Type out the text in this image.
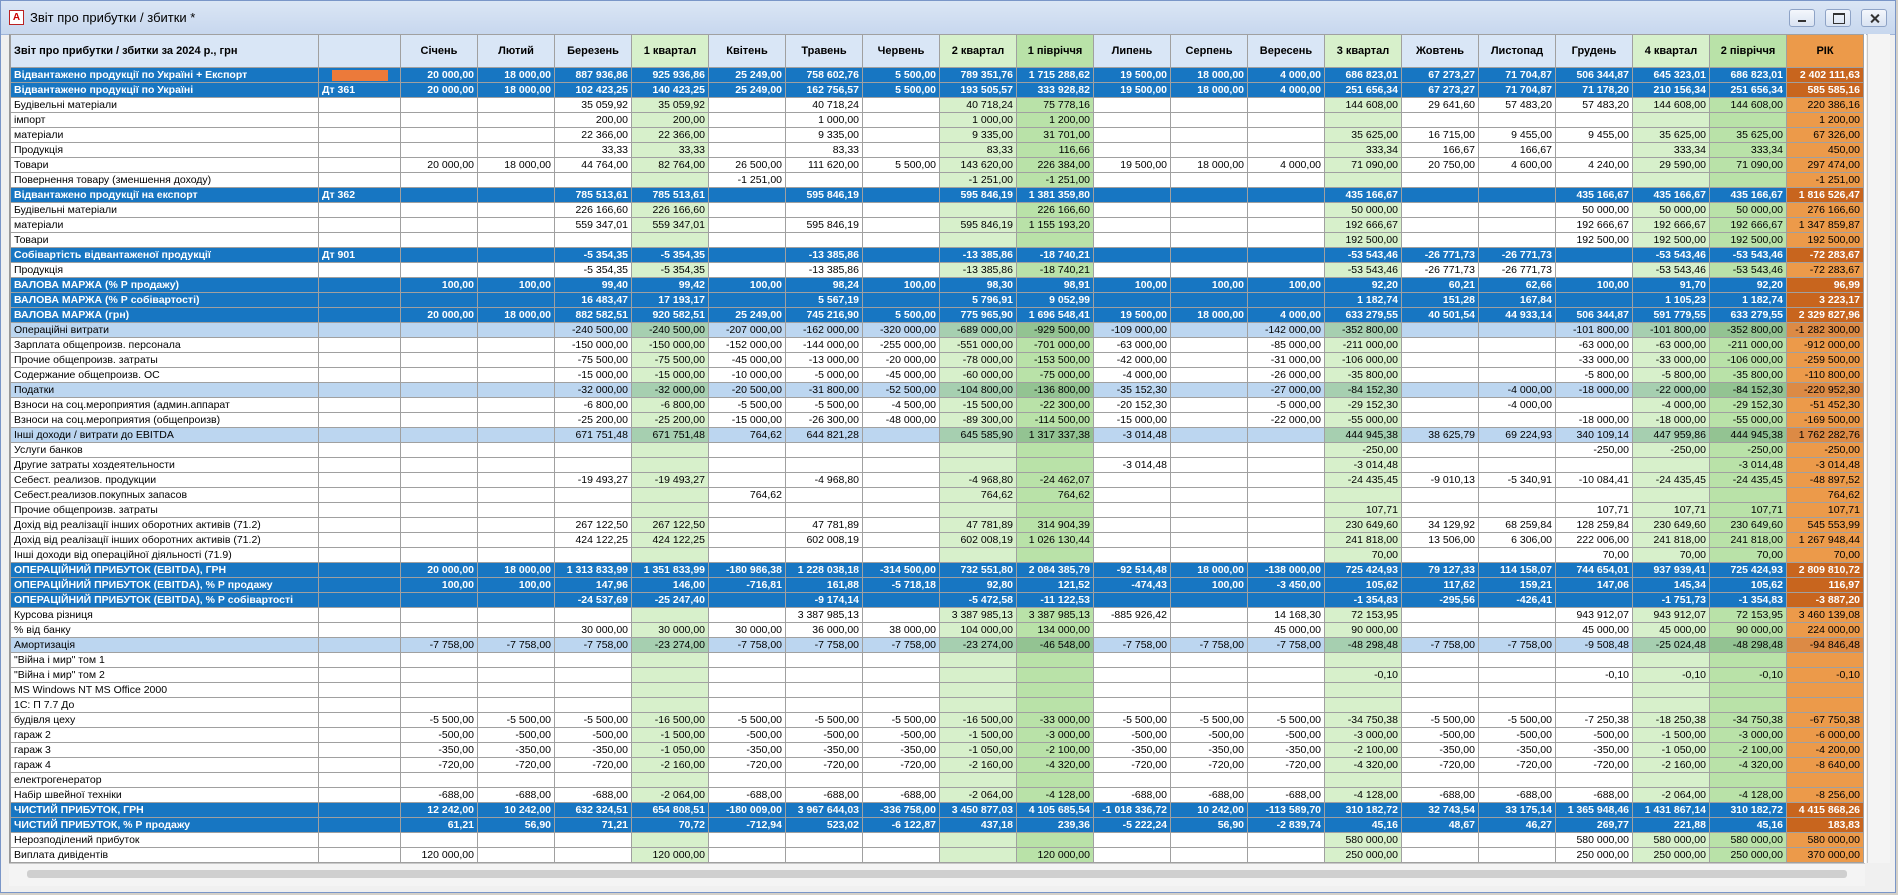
А Звіт про прибутки / збитки *
Звіт про прибутки / збитки за 2024 р., грн		Січень	Лютий	Березень	1 квартал	Квітень	Травень	Червень	2 квартал	1 півріччя	Липень	Серпень	Вересень	3 квартал	Жовтень	Листопад	Грудень	4 квартал	2 півріччя	РІК
Відвантажено продукції по Україні + Експорт		20 000,00	18 000,00	887 936,86	925 936,86	25 249,00	758 602,76	5 500,00	789 351,76	1 715 288,62	19 500,00	18 000,00	4 000,00	686 823,01	67 273,27	71 704,87	506 344,87	645 323,01	686 823,01	2 402 111,63
Відвантажено продукції по Україні	Дт 361	20 000,00	18 000,00	102 423,25	140 423,25	25 249,00	162 756,57	5 500,00	193 505,57	333 928,82	19 500,00	18 000,00	4 000,00	251 656,34	67 273,27	71 704,87	71 178,20	210 156,34	251 656,34	585 585,16
Будівельні матеріали				35 059,92	35 059,92		40 718,24		40 718,24	75 778,16				144 608,00	29 641,60	57 483,20	57 483,20	144 608,00	144 608,00	220 386,16
імпорт				200,00	200,00		1 000,00		1 000,00	1 200,00										1 200,00
матеріали				22 366,00	22 366,00		9 335,00		9 335,00	31 701,00				35 625,00	16 715,00	9 455,00	9 455,00	35 625,00	35 625,00	67 326,00
Продукція				33,33	33,33		83,33		83,33	116,66				333,34	166,67	166,67		333,34	333,34	450,00
Товари		20 000,00	18 000,00	44 764,00	82 764,00	26 500,00	111 620,00	5 500,00	143 620,00	226 384,00	19 500,00	18 000,00	4 000,00	71 090,00	20 750,00	4 600,00	4 240,00	29 590,00	71 090,00	297 474,00
Повернення товару (зменшення доходу)						-1 251,00			-1 251,00	-1 251,00										-1 251,00
Відвантажено продукції на експорт	Дт 362			785 513,61	785 513,61		595 846,19		595 846,19	1 381 359,80				435 166,67			435 166,67	435 166,67	435 166,67	1 816 526,47
Будівельні матеріали				226 166,60	226 166,60					226 166,60				50 000,00			50 000,00	50 000,00	50 000,00	276 166,60
матеріали				559 347,01	559 347,01		595 846,19		595 846,19	1 155 193,20				192 666,67			192 666,67	192 666,67	192 666,67	1 347 859,87
Товари														192 500,00			192 500,00	192 500,00	192 500,00	192 500,00
Собівартість відвантаженої продукції	Дт 901			-5 354,35	-5 354,35		-13 385,86		-13 385,86	-18 740,21				-53 543,46	-26 771,73	-26 771,73		-53 543,46	-53 543,46	-72 283,67
Продукція				-5 354,35	-5 354,35		-13 385,86		-13 385,86	-18 740,21				-53 543,46	-26 771,73	-26 771,73		-53 543,46	-53 543,46	-72 283,67
ВАЛОВА МАРЖА (% Р продажу)		100,00	100,00	99,40	99,42	100,00	98,24	100,00	98,30	98,91	100,00	100,00	100,00	92,20	60,21	62,66	100,00	91,70	92,20	96,99
ВАЛОВА МАРЖА (% Р собівартості)				16 483,47	17 193,17		5 567,19		5 796,91	9 052,99				1 182,74	151,28	167,84		1 105,23	1 182,74	3 223,17
ВАЛОВА МАРЖА (грн)		20 000,00	18 000,00	882 582,51	920 582,51	25 249,00	745 216,90	5 500,00	775 965,90	1 696 548,41	19 500,00	18 000,00	4 000,00	633 279,55	40 501,54	44 933,14	506 344,87	591 779,55	633 279,55	2 329 827,96
Операційні витрати				-240 500,00	-240 500,00	-207 000,00	-162 000,00	-320 000,00	-689 000,00	-929 500,00	-109 000,00		-142 000,00	-352 800,00			-101 800,00	-101 800,00	-352 800,00	-1 282 300,00
Зарплата общепроизв. персонала				-150 000,00	-150 000,00	-152 000,00	-144 000,00	-255 000,00	-551 000,00	-701 000,00	-63 000,00		-85 000,00	-211 000,00			-63 000,00	-63 000,00	-211 000,00	-912 000,00
Прочие общепроизв. затраты				-75 500,00	-75 500,00	-45 000,00	-13 000,00	-20 000,00	-78 000,00	-153 500,00	-42 000,00		-31 000,00	-106 000,00			-33 000,00	-33 000,00	-106 000,00	-259 500,00
Содержание общепроизв. ОС				-15 000,00	-15 000,00	-10 000,00	-5 000,00	-45 000,00	-60 000,00	-75 000,00	-4 000,00		-26 000,00	-35 800,00			-5 800,00	-5 800,00	-35 800,00	-110 800,00
Податки				-32 000,00	-32 000,00	-20 500,00	-31 800,00	-52 500,00	-104 800,00	-136 800,00	-35 152,30		-27 000,00	-84 152,30		-4 000,00	-18 000,00	-22 000,00	-84 152,30	-220 952,30
Взноси на соц.мероприятия (админ.аппарат				-6 800,00	-6 800,00	-5 500,00	-5 500,00	-4 500,00	-15 500,00	-22 300,00	-20 152,30		-5 000,00	-29 152,30		-4 000,00		-4 000,00	-29 152,30	-51 452,30
Взноси на соц.мероприятия (общепроизв)				-25 200,00	-25 200,00	-15 000,00	-26 300,00	-48 000,00	-89 300,00	-114 500,00	-15 000,00		-22 000,00	-55 000,00			-18 000,00	-18 000,00	-55 000,00	-169 500,00
Інші доходи / витрати до EBITDA				671 751,48	671 751,48	764,62	644 821,28		645 585,90	1 317 337,38	-3 014,48			444 945,38	38 625,79	69 224,93	340 109,14	447 959,86	444 945,38	1 762 282,76
Услуги банков														-250,00			-250,00	-250,00	-250,00	-250,00
Другие затраты хоздеятельности											-3 014,48			-3 014,48					-3 014,48	-3 014,48
Себест. реализов. продукции				-19 493,27	-19 493,27		-4 968,80		-4 968,80	-24 462,07				-24 435,45	-9 010,13	-5 340,91	-10 084,41	-24 435,45	-24 435,45	-48 897,52
Себест.реализов.покупных запасов						764,62			764,62	764,62										764,62
Прочие общепроизв. затраты														107,71			107,71	107,71	107,71	107,71
Дохід від реалізації інших оборотних активів (71.2)				267 122,50	267 122,50		47 781,89		47 781,89	314 904,39				230 649,60	34 129,92	68 259,84	128 259,84	230 649,60	230 649,60	545 553,99
Дохід від реалізації інших оборотних активів (71.2)				424 122,25	424 122,25		602 008,19		602 008,19	1 026 130,44				241 818,00	13 506,00	6 306,00	222 006,00	241 818,00	241 818,00	1 267 948,44
Інші доходи від операційної діяльності (71.9)														70,00			70,00	70,00	70,00	70,00
ОПЕРАЦІЙНИЙ ПРИБУТОК (EBITDA), ГРН		20 000,00	18 000,00	1 313 833,99	1 351 833,99	-180 986,38	1 228 038,18	-314 500,00	732 551,80	2 084 385,79	-92 514,48	18 000,00	-138 000,00	725 424,93	79 127,33	114 158,07	744 654,01	937 939,41	725 424,93	2 809 810,72
ОПЕРАЦІЙНИЙ ПРИБУТОК (EBITDA), % Р продажу		100,00	100,00	147,96	146,00	-716,81	161,88	-5 718,18	92,80	121,52	-474,43	100,00	-3 450,00	105,62	117,62	159,21	147,06	145,34	105,62	116,97
ОПЕРАЦІЙНИЙ ПРИБУТОК (EBITDA), % Р собівартості				-24 537,69	-25 247,40		-9 174,14		-5 472,58	-11 122,53				-1 354,83	-295,56	-426,41		-1 751,73	-1 354,83	-3 887,20
Курсова різниця							3 387 985,13		3 387 985,13	3 387 985,13	-885 926,42		14 168,30	72 153,95			943 912,07	943 912,07	72 153,95	3 460 139,08
% від банку				30 000,00	30 000,00	30 000,00	36 000,00	38 000,00	104 000,00	134 000,00			45 000,00	90 000,00			45 000,00	45 000,00	90 000,00	224 000,00
Амортизація		-7 758,00	-7 758,00	-7 758,00	-23 274,00	-7 758,00	-7 758,00	-7 758,00	-23 274,00	-46 548,00	-7 758,00	-7 758,00	-7 758,00	-48 298,48	-7 758,00	-7 758,00	-9 508,48	-25 024,48	-48 298,48	-94 846,48
"Війна і мир" том 1																				
"Війна і мир" том 2														-0,10			-0,10	-0,10	-0,10	-0,10
MS Windows NT MS Office 2000																				
1С: П 7.7 До																				
будівля цеху		-5 500,00	-5 500,00	-5 500,00	-16 500,00	-5 500,00	-5 500,00	-5 500,00	-16 500,00	-33 000,00	-5 500,00	-5 500,00	-5 500,00	-34 750,38	-5 500,00	-5 500,00	-7 250,38	-18 250,38	-34 750,38	-67 750,38
гараж 2		-500,00	-500,00	-500,00	-1 500,00	-500,00	-500,00	-500,00	-1 500,00	-3 000,00	-500,00	-500,00	-500,00	-3 000,00	-500,00	-500,00	-500,00	-1 500,00	-3 000,00	-6 000,00
гараж 3		-350,00	-350,00	-350,00	-1 050,00	-350,00	-350,00	-350,00	-1 050,00	-2 100,00	-350,00	-350,00	-350,00	-2 100,00	-350,00	-350,00	-350,00	-1 050,00	-2 100,00	-4 200,00
гараж 4		-720,00	-720,00	-720,00	-2 160,00	-720,00	-720,00	-720,00	-2 160,00	-4 320,00	-720,00	-720,00	-720,00	-4 320,00	-720,00	-720,00	-720,00	-2 160,00	-4 320,00	-8 640,00
електрогенератор																				
Набір швейної техніки		-688,00	-688,00	-688,00	-2 064,00	-688,00	-688,00	-688,00	-2 064,00	-4 128,00	-688,00	-688,00	-688,00	-4 128,00	-688,00	-688,00	-688,00	-2 064,00	-4 128,00	-8 256,00
ЧИСТИЙ ПРИБУТОК, ГРН		12 242,00	10 242,00	632 324,51	654 808,51	-180 009,00	3 967 644,03	-336 758,00	3 450 877,03	4 105 685,54	-1 018 336,72	10 242,00	-113 589,70	310 182,72	32 743,54	33 175,14	1 365 948,46	1 431 867,14	310 182,72	4 415 868,26
ЧИСТИЙ ПРИБУТОК, % Р продажу		61,21	56,90	71,21	70,72	-712,94	523,02	-6 122,87	437,18	239,36	-5 222,24	56,90	-2 839,74	45,16	48,67	46,27	269,77	221,88	45,16	183,83
Нерозподілений прибуток														580 000,00			580 000,00	580 000,00	580 000,00	580 000,00
Виплата дивідентів		120 000,00			120 000,00					120 000,00				250 000,00			250 000,00	250 000,00	250 000,00	370 000,00
